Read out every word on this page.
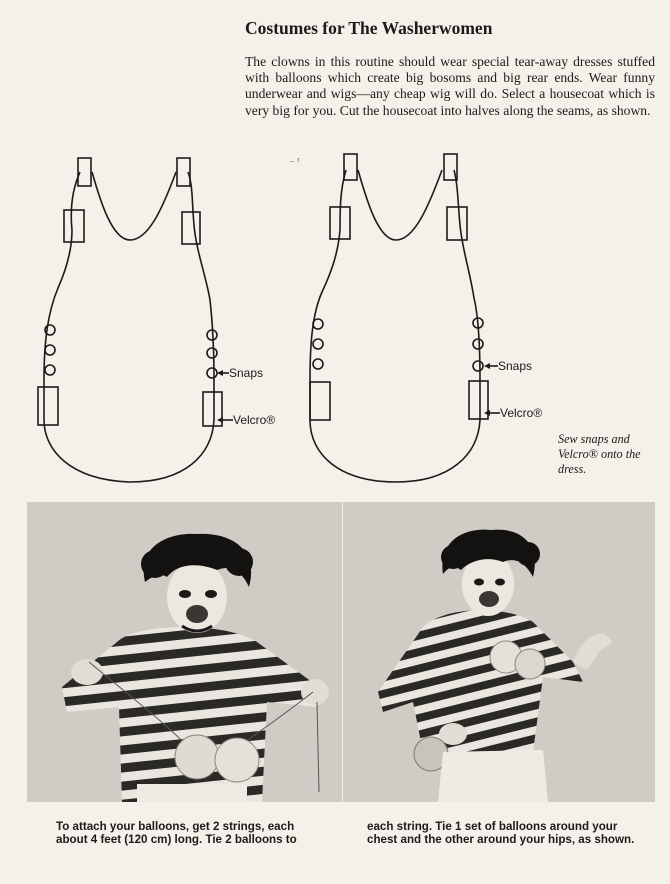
Costumes for The Washerwomen
The clowns in this routine should wear special tear-away dresses stuffed with balloons which create big bosoms and big rear ends. Wear funny underwear and wigs—any cheap wig will do. Select a housecoat which is very big for you. Cut the housecoat into halves along the seams, as shown.
– ³
Snaps
Velcro®
Snaps
Velcro®
Sew snaps and Velcro® onto the dress.
To attach your balloons, get 2 strings, each about 4 feet (120 cm) long. Tie 2 balloons to
each string. Tie 1 set of balloons around your chest and the other around your hips, as shown.
